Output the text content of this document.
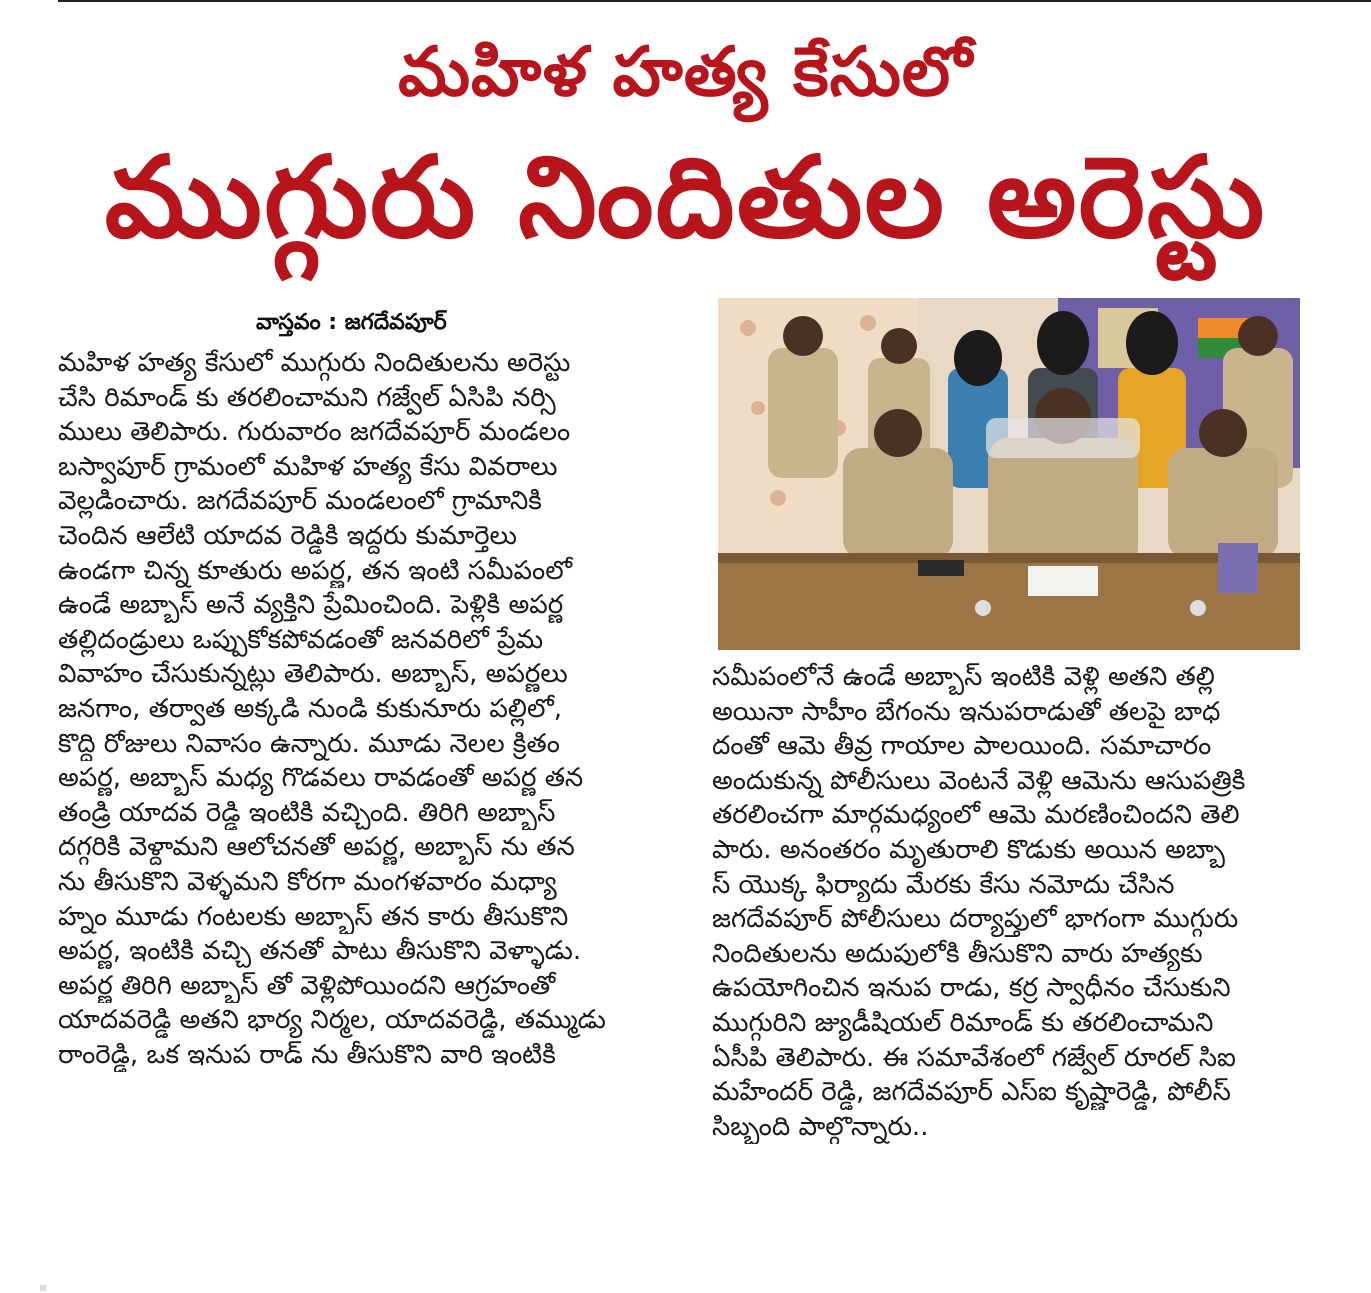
మహిళ హత్య కేసులో
ముగ్గురు నిందితుల అరెస్టు
వాస్తవం : జగదేవపూర్
మహిళ హత్య కేసులో ముగ్గురు నిందితులను అరెస్టు
చేసి రిమాండ్ కు తరలించామని గజ్వేల్ ఏసిపి నర్సి
ములు తెలిపారు. గురువారం జగదేవపూర్ మండలం
బస్వాపూర్ గ్రామంలో మహిళ హత్య కేసు వివరాలు
వెల్లడించారు. జగదేవపూర్ మండలంలో గ్రామానికి
చెందిన ఆలేటి యాదవ రెడ్డికి ఇద్దరు కుమార్తెలు
ఉండగా చిన్న కూతురు అపర్ణ, తన ఇంటి సమీపంలో
ఉండే అబ్బాస్ అనే వ్యక్తిని ప్రేమించింది. పెళ్లికి అపర్ణ
తల్లిదండ్రులు ఒప్పుకోకపోవడంతో జనవరిలో ప్రేమ
వివాహం చేసుకున్నట్లు తెలిపారు. అబ్బాస్, అపర్ణలు
జనగాం, తర్వాత అక్కడి నుండి కుకునూరు పల్లిలో,
కొద్ది రోజులు నివాసం ఉన్నారు. మూడు నెలల క్రితం
అపర్ణ, అబ్బాస్ మధ్య గొడవలు రావడంతో అపర్ణ తన
తండ్రి యాదవ రెడ్డి ఇంటికి వచ్చింది. తిరిగి అబ్బాస్
దగ్గరికి వెళ్దామని ఆలోచనతో అపర్ణ, అబ్బాస్ ను తన
ను తీసుకొని వెళ్ళమని కోరగా మంగళవారం మధ్యా
హ్నం మూడు గంటలకు అబ్బాస్ తన కారు తీసుకొని
అపర్ణ, ఇంటికి వచ్చి తనతో పాటు తీసుకొని వెళ్ళాడు.
అపర్ణ తిరిగి అబ్బాస్ తో వెళ్లిపోయిందని ఆగ్రహంతో
యాదవరెడ్డి అతని భార్య నిర్మల, యాదవరెడ్డి, తమ్ముడు
రాంరెడ్డి, ఒక ఇనుప రాడ్ ను తీసుకొని వారి ఇంటికి
సమీపంలోనే ఉండే అబ్బాస్ ఇంటికి వెళ్లి అతని తల్లి
అయినా సాహీం బేగంను ఇనుపరాడుతో తలపై బాధ
దంతో ఆమె తీవ్ర గాయాల పాలయింది. సమాచారం
అందుకున్న పోలీసులు వెంటనే వెళ్లి ఆమెను ఆసుపత్రికి
తరలించగా మార్గమధ్యంలో ఆమె మరణించిందని తెలి
పారు. అనంతరం మృతురాలి కొడుకు అయిన అబ్బా
స్ యొక్క ఫిర్యాదు మేరకు కేసు నమోదు చేసిన
జగదేవపూర్ పోలీసులు దర్యాప్తులో భాగంగా ముగ్గురు
నిందితులను అదుపులోకి తీసుకొని వారు హత్యకు
ఉపయోగించిన ఇనుప రాడు, కర్ర స్వాధీనం చేసుకుని
ముగ్గురిని జ్యుడీషియల్ రిమాండ్ కు తరలించామని
ఏసీపి తెలిపారు. ఈ సమావేశంలో గజ్వేల్ రూరల్ సిఐ
మహేందర్ రెడ్డి, జగదేవపూర్ ఎస్ఐ కృష్ణారెడ్డి, పోలీస్
సిబ్బంది పాల్గొన్నారు..
